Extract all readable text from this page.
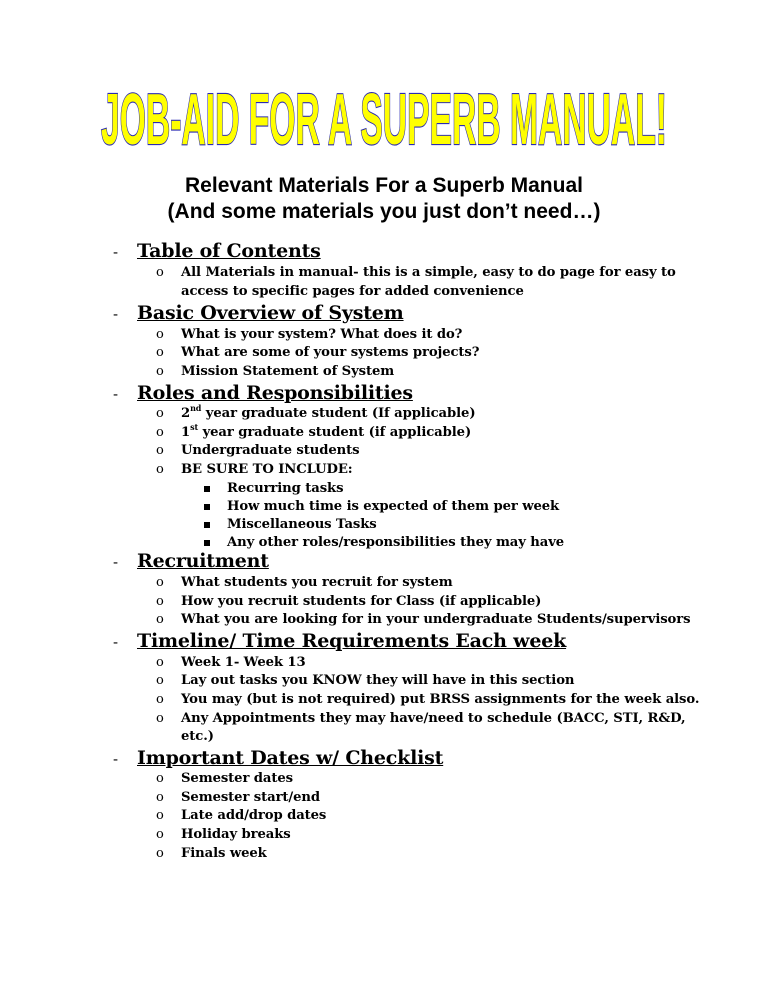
JOB-AID FOR A SUPERB MANUAL!
Relevant Materials For a Superb Manual
(And some materials you just don’t need…)
- Table of Contents
o All Materials in manual- this is a simple, easy to do page for easy to
access to specific pages for added convenience
- Basic Overview of System
o What is your system? What does it do?
o What are some of your systems projects?
o Mission Statement of System
- Roles and Responsibilities
o 2nd year graduate student (If applicable)
o 1st year graduate student (if applicable)
o Undergraduate students
o BE SURE TO INCLUDE:
Recurring tasks
How much time is expected of them per week
Miscellaneous Tasks
Any other roles/responsibilities they may have
- Recruitment
o What students you recruit for system
o How you recruit students for Class (if applicable)
o What you are looking for in your undergraduate Students/supervisors
- Timeline/ Time Requirements Each week
o Week 1- Week 13
o Lay out tasks you KNOW they will have in this section
o You may (but is not required) put BRSS assignments for the week also.
o Any Appointments they may have/need to schedule (BACC, STI, R&D,
etc.)
- Important Dates w/ Checklist
o Semester dates
o Semester start/end
o Late add/drop dates
o Holiday breaks
o Finals week
